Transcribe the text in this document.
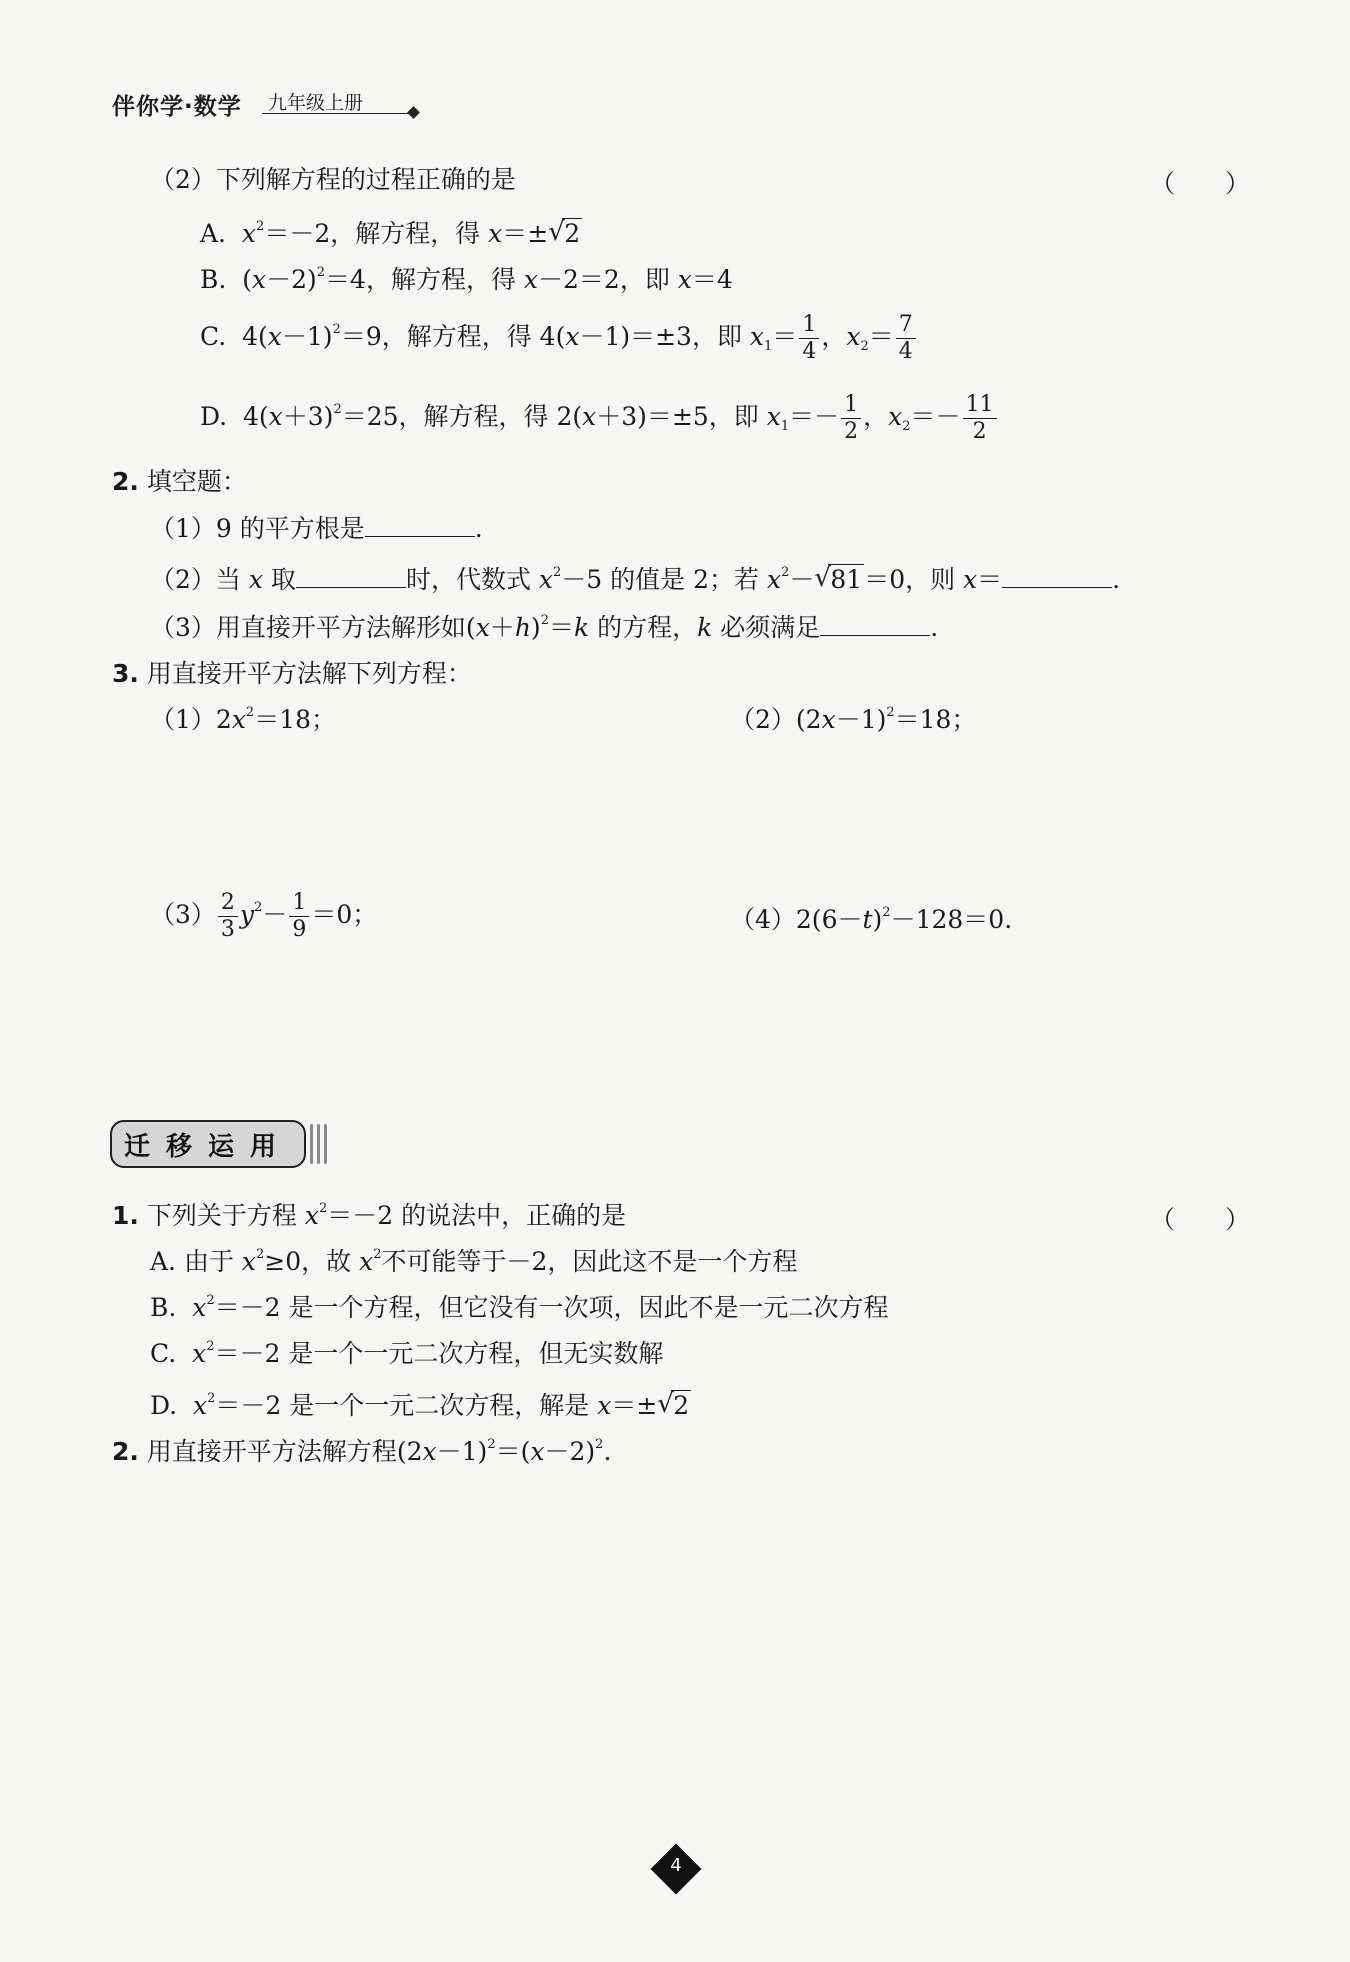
伴你学·数学 九年级上册
（2）下列解方程的过程正确的是	（　　）
A. $x^2=-2$，解方程，得 x＝±√ 2
B.  $(x-2)^2=4$，解方程，得 x－2＝2，即 x＝4
C.  $4(x-1)^2=9$，解方程，得 4(x－1)＝±3，即 $x_1= \frac{1}{4}$ ，$x_2= \frac{7}{4}$
D.  $4(x+3)^2=25$，解方程，得 2(x＋3)＝±5，即 $x_1=- \frac{1}{2}$ ，$x_2=- \frac{11}{2}$
2. 填空题：
（1）9 的平方根是	.
（2）当 x 取	时，代数式 $x^2-5$ 的值是 2；若 $x^2-√$ 81＝0，则 x＝	.
（3）用直接开平方法解形如$(x+h)^2=k$ 的方程，k 必须满足	.
3. 用直接开平方法解下列方程：
$(1)2x^2=18$；	$(2)(2x-1)^2=18$；
$(3) \frac{2}{3} y^2- \frac{1}{9} =0$；	$(4)2(6-t)^2-128=0$.
迁移运用
1. 下列关于方程 $x^2=-2$ 的说法中，正确的是	（　　）
A. 由于 $x^2\ge 0$，故 $x^2$不可能等于－2，因此这不是一个方程
B.  $x^2=-2$ 是一个方程，但它没有一次项，因此不是一元二次方程
C.  $x^2=-2$ 是一个一元二次方程，但无实数解
D.  $x^2=-2$ 是一个一元二次方程，解是 x＝±√ 2
2. 用直接开平方法解方程$(2x-1)^2=(x-2)^2$.
4
